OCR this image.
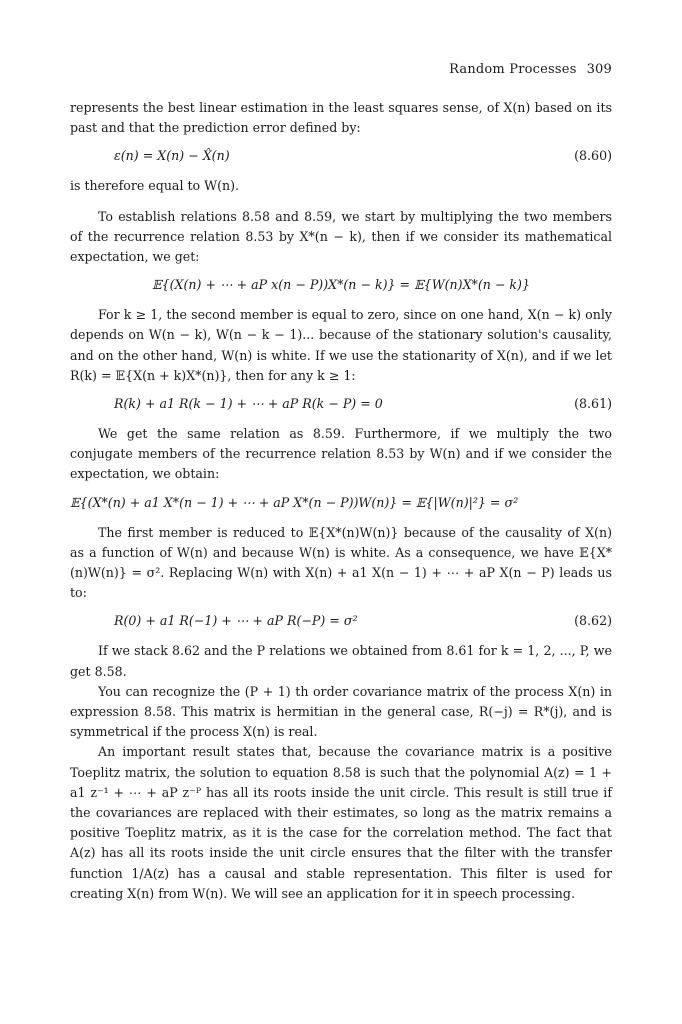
Random Processes 309

represents the best linear estimation in the least squares sense, of X(n) based on its past and that the prediction error defined by:

ε(n) = X(n) − X̂(n)	(8.60)

is therefore equal to W(n).

To establish relations 8.58 and 8.59, we start by multiplying the two members of the recurrence relation 8.53 by X*(n − k), then if we consider its mathematical expectation, we get:

𝔼{(X(n) + ⋯ + aP x(n − P))X*(n − k)} = 𝔼{W(n)X*(n − k)}

For k ≥ 1, the second member is equal to zero, since on one hand, X(n − k) only depends on W(n − k), W(n − k − 1)... because of the stationary solution's causality, and on the other hand, W(n) is white. If we use the stationarity of X(n), and if we let R(k) = 𝔼{X(n + k)X*(n)}, then for any k ≥ 1:

R(k) + a1 R(k − 1) + ⋯ + aP R(k − P) = 0	(8.61)

We get the same relation as 8.59. Furthermore, if we multiply the two conjugate members of the recurrence relation 8.53 by W(n) and if we consider the expectation, we obtain:

𝔼{(X*(n) + a1 X*(n − 1) + ⋯ + aP X*(n − P))W(n)} = 𝔼{|W(n)|²} = σ²

The first member is reduced to 𝔼{X*(n)W(n)} because of the causality of X(n) as a function of W(n) and because W(n) is white. As a consequence, we have 𝔼{X*(n)W(n)} = σ². Replacing W(n) with X(n) + a1 X(n − 1) + ⋯ + aP X(n − P) leads us to:

R(0) + a1 R(−1) + ⋯ + aP R(−P) = σ²	(8.62)

If we stack 8.62 and the P relations we obtained from 8.61 for k = 1, 2, ..., P, we get 8.58.

You can recognize the (P + 1) th order covariance matrix of the process X(n) in expression 8.58. This matrix is hermitian in the general case, R(−j) = R*(j), and is symmetrical if the process X(n) is real.

An important result states that, because the covariance matrix is a positive Toeplitz matrix, the solution to equation 8.58 is such that the polynomial A(z) = 1 + a1 z⁻¹ + ⋯ + aP z⁻ᴾ has all its roots inside the unit circle. This result is still true if the covariances are replaced with their estimates, so long as the matrix remains a positive Toeplitz matrix, as it is the case for the correlation method. The fact that A(z) has all its roots inside the unit circle ensures that the filter with the transfer function 1/A(z) has a causal and stable representation. This filter is used for creating X(n) from W(n). We will see an application for it in speech processing.
